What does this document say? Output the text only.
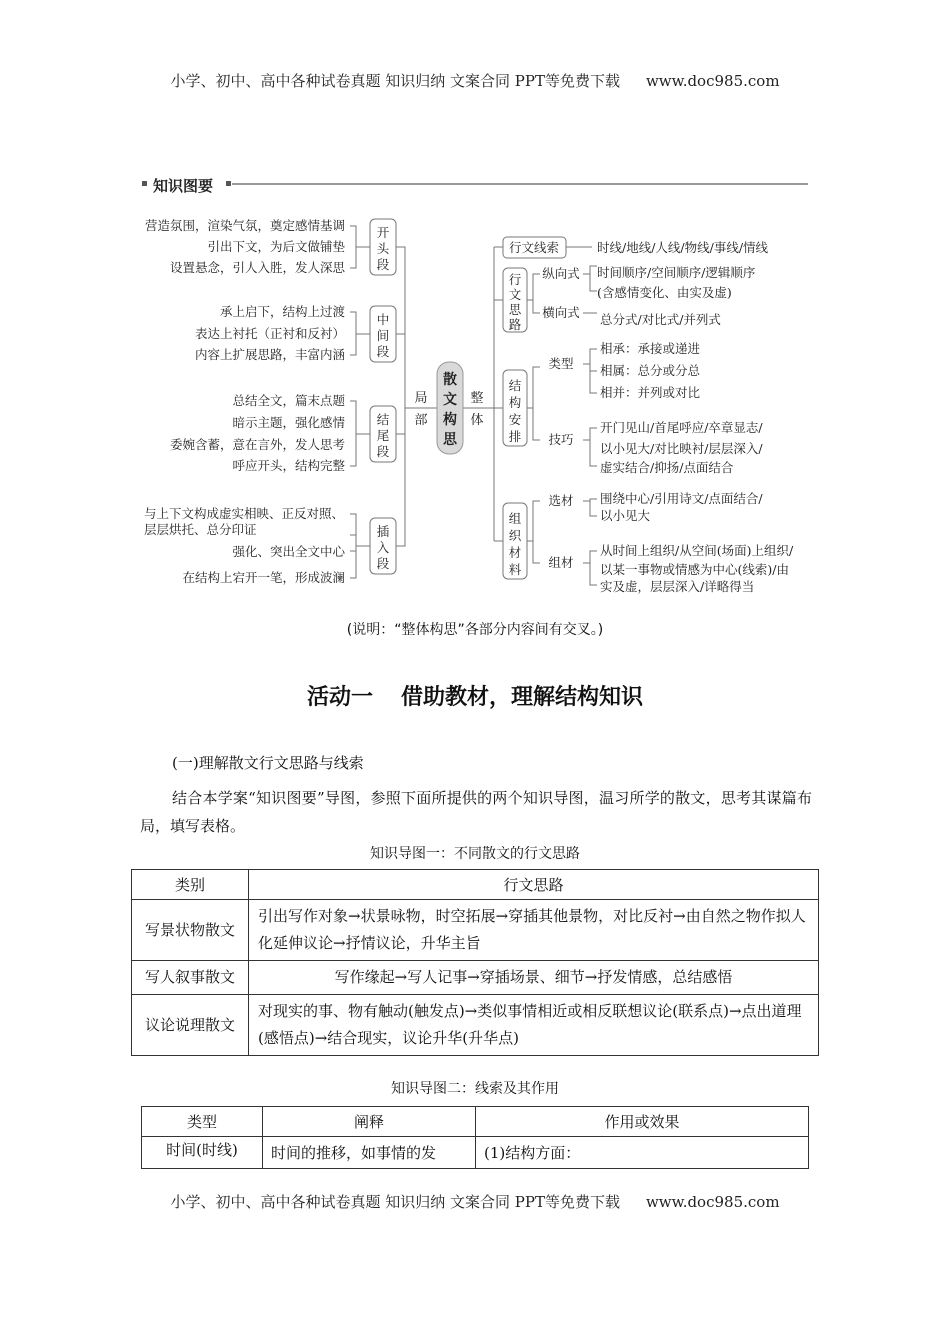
小学、初中、高中各种试卷真题 知识归纳 文案合同 PPT等免费下载 www.doc985.com
知识图要
营造氛围，渲染气氛，奠定感情基调
引出下文，为后文做铺垫
设置悬念，引人入胜，发人深思
承上启下，结构上过渡
表达上衬托（正衬和反衬）
内容上扩展思路，丰富内涵
总结全文，篇末点题
暗示主题，强化感情
委婉含蓄，意在言外，发人思考
呼应开头，结构完整
与上下文构成虚实相映、正反对照、
层层烘托、总分印证
强化、突出全文中心
在结构上宕开一笔，形成波澜
开
头
段
中
间
段
结
尾
段
插
入
段
局
部
整
体
散
文
构
思
行文线索	时线/地线/人线/物线/事线/情线
行
文
思
路
结
构
安
排
组
织
材
料
纵向式
横向式
类型
技巧
选材
组材
时间顺序/空间顺序/逻辑顺序
(含感情变化、由实及虚)
总分式/对比式/并列式
相承：承接或递进
相属：总分或分总
相并：并列或对比
开门见山/首尾呼应/卒章显志/
以小见大/对比映衬/层层深入/
虚实结合/抑扬/点面结合
围绕中心/引用诗文/点面结合/
以小见大
从时间上组织/从空间(场面)上组织/
以某一事物或情感为中心(线索)/由
实及虚，层层深入/详略得当
(说明：“整体构思”各部分内容间有交叉。)
活动一 借助教材，理解结构知识
(一)理解散文行文思路与线索
结合本学案“知识图要”导图，参照下面所提供的两个知识导图，温习所学的散文，思考其谋篇布局，填写表格。
知识导图一：不同散文的行文思路
类别	行文思路
写景状物散文	引出写作对象→状景咏物，时空拓展→穿插其他景物，对比反衬→由自然之物作拟人化延伸议论→抒情议论，升华主旨
写人叙事散文	写作缘起→写人记事→穿插场景、细节→抒发情感，总结感悟
议论说理散文	对现实的事、物有触动(触发点)→类似事情相近或相反联想议论(联系点)→点出道理(感悟点)→结合现实，议论升华(升华点)
知识导图二：线索及其作用
类型	阐释	作用或效果
时间(时线)	时间的推移，如事情的发	(1)结构方面：
小学、初中、高中各种试卷真题 知识归纳 文案合同 PPT等免费下载 www.doc985.com
